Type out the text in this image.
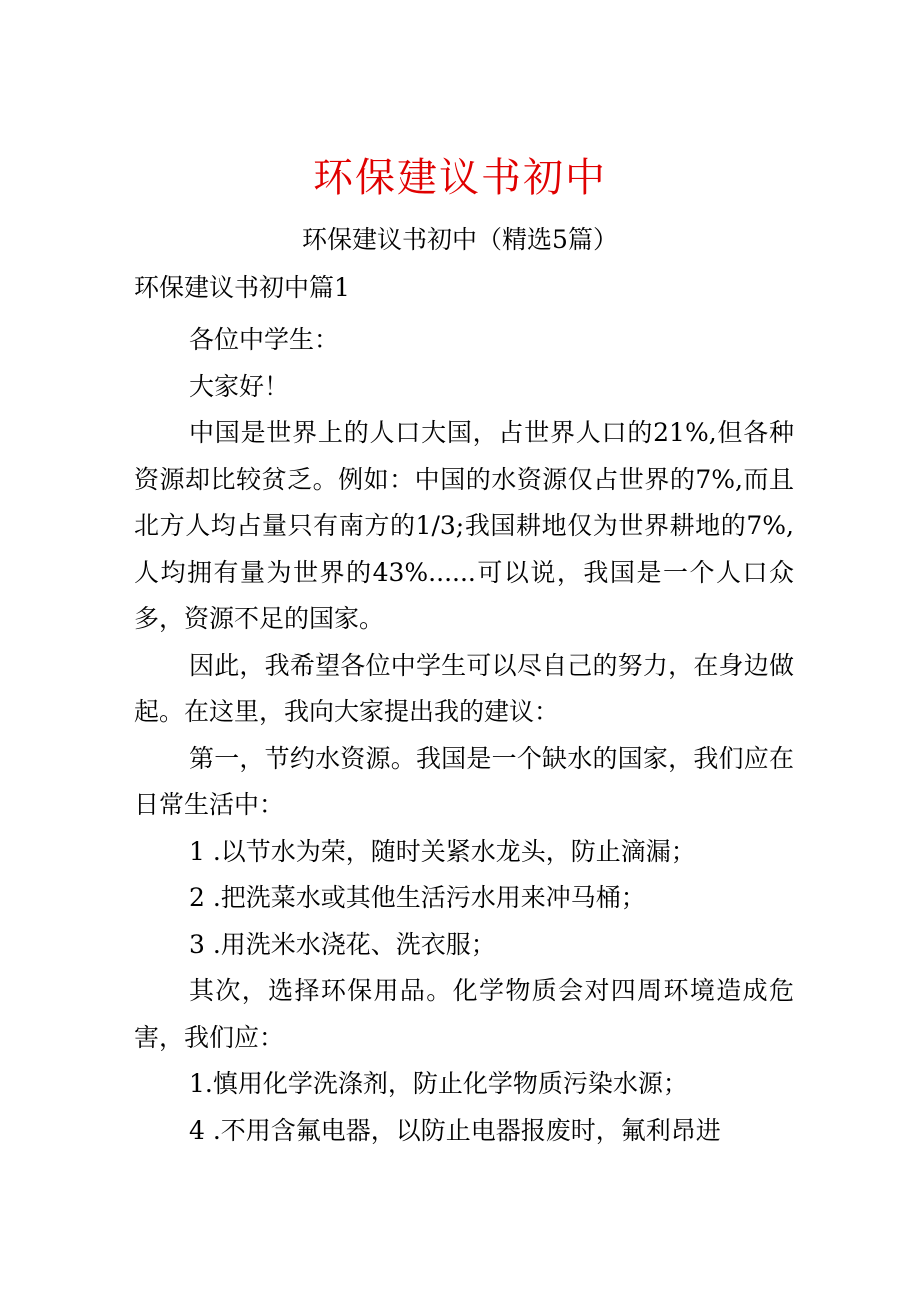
环保建议书初中
环保建议书初中（精选5篇）
环保建议书初中篇1

各位中学生：

大家好！

中国是世界上的人口大国，占世界人口的21%,但各种资源却比较贫乏。例如：中国的水资源仅占世界的7%,而且北方人均占量只有南方的1/3;我国耕地仅为世界耕地的7%,人均拥有量为世界的43%......可以说，我国是一个人口众多，资源不足的国家。

因此，我希望各位中学生可以尽自己的努力，在身边做起。在这里，我向大家提出我的建议：

第一，节约水资源。我国是一个缺水的国家，我们应在日常生活中：

1 .以节水为荣，随时关紧水龙头，防止滴漏；

2 .把洗菜水或其他生活污水用来冲马桶；

3 .用洗米水浇花、洗衣服；

其次，选择环保用品。化学物质会对四周环境造成危害，我们应：

1.慎用化学洗涤剂，防止化学物质污染水源；

4 .不用含氟电器，以防止电器报废时，氟利昂进
